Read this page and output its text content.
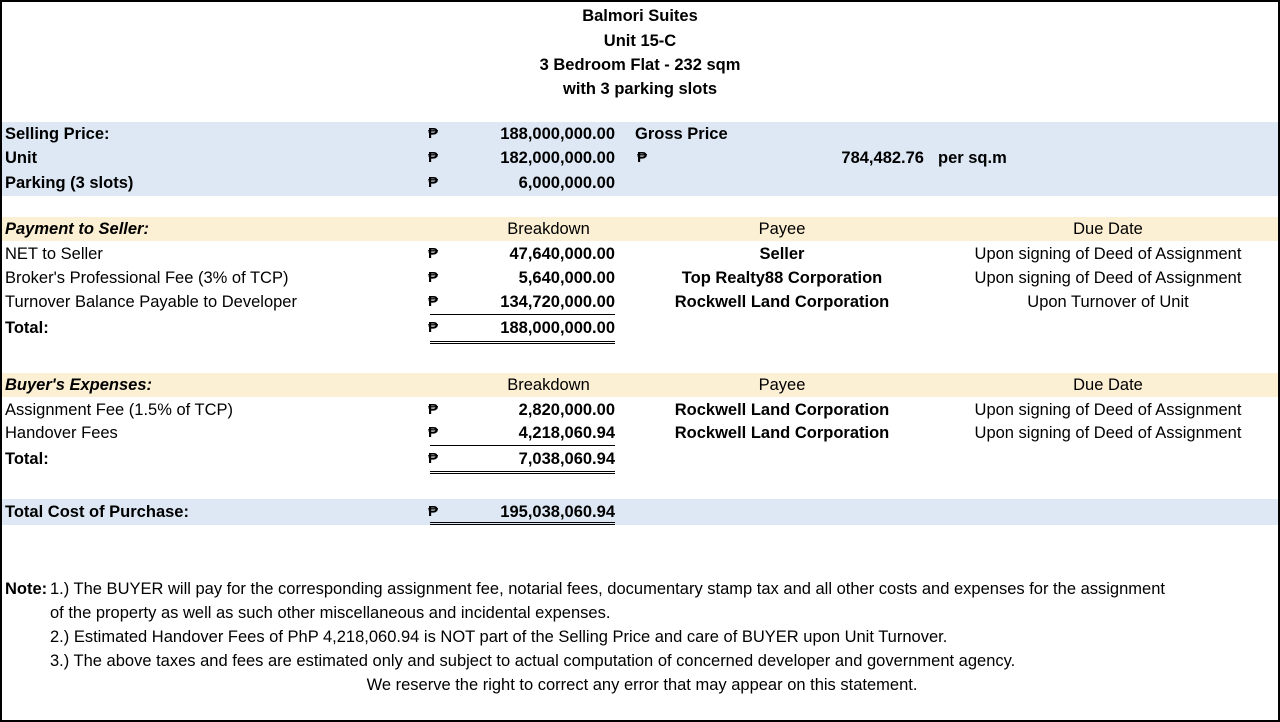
Balmori Suites
Unit 15-C
3 Bedroom Flat - 232 sqm
with 3 parking slots
Selling Price:	₱	188,000,000.00 Gross Price
Unit	₱	182,000,000.00 ₱	784,482.76 per sq.m
Parking (3 slots)	₱	6,000,000.00
Payment to Seller:	Breakdown	Payee	Due Date
NET to Seller	₱	47,640,000.00	Seller	Upon signing of Deed of Assignment
Broker's Professional Fee (3% of TCP)	₱	5,640,000.00	Top Realty88 Corporation	Upon signing of Deed of Assignment
Turnover Balance Payable to Developer	₱	134,720,000.00	Rockwell Land Corporation	Upon Turnover of Unit
Total:	₱	188,000,000.00
Buyer's Expenses:	Breakdown	Payee	Due Date
Assignment Fee (1.5% of TCP)	₱	2,820,000.00	Rockwell Land Corporation	Upon signing of Deed of Assignment
Handover Fees	₱	4,218,060.94	Rockwell Land Corporation	Upon signing of Deed of Assignment
Total:	₱	7,038,060.94
Total Cost of Purchase:	₱	195,038,060.94
Note: 1.) The BUYER will pay for the corresponding assignment fee, notarial fees, documentary stamp tax and all other costs and expenses for the assignment
of the property as well as such other miscellaneous and incidental expenses.
2.) Estimated Handover Fees of PhP 4,218,060.94 is NOT part of the Selling Price and care of BUYER upon Unit Turnover.
3.) The above taxes and fees are estimated only and subject to actual computation of concerned developer and government agency.
We reserve the right to correct any error that may appear on this statement.
